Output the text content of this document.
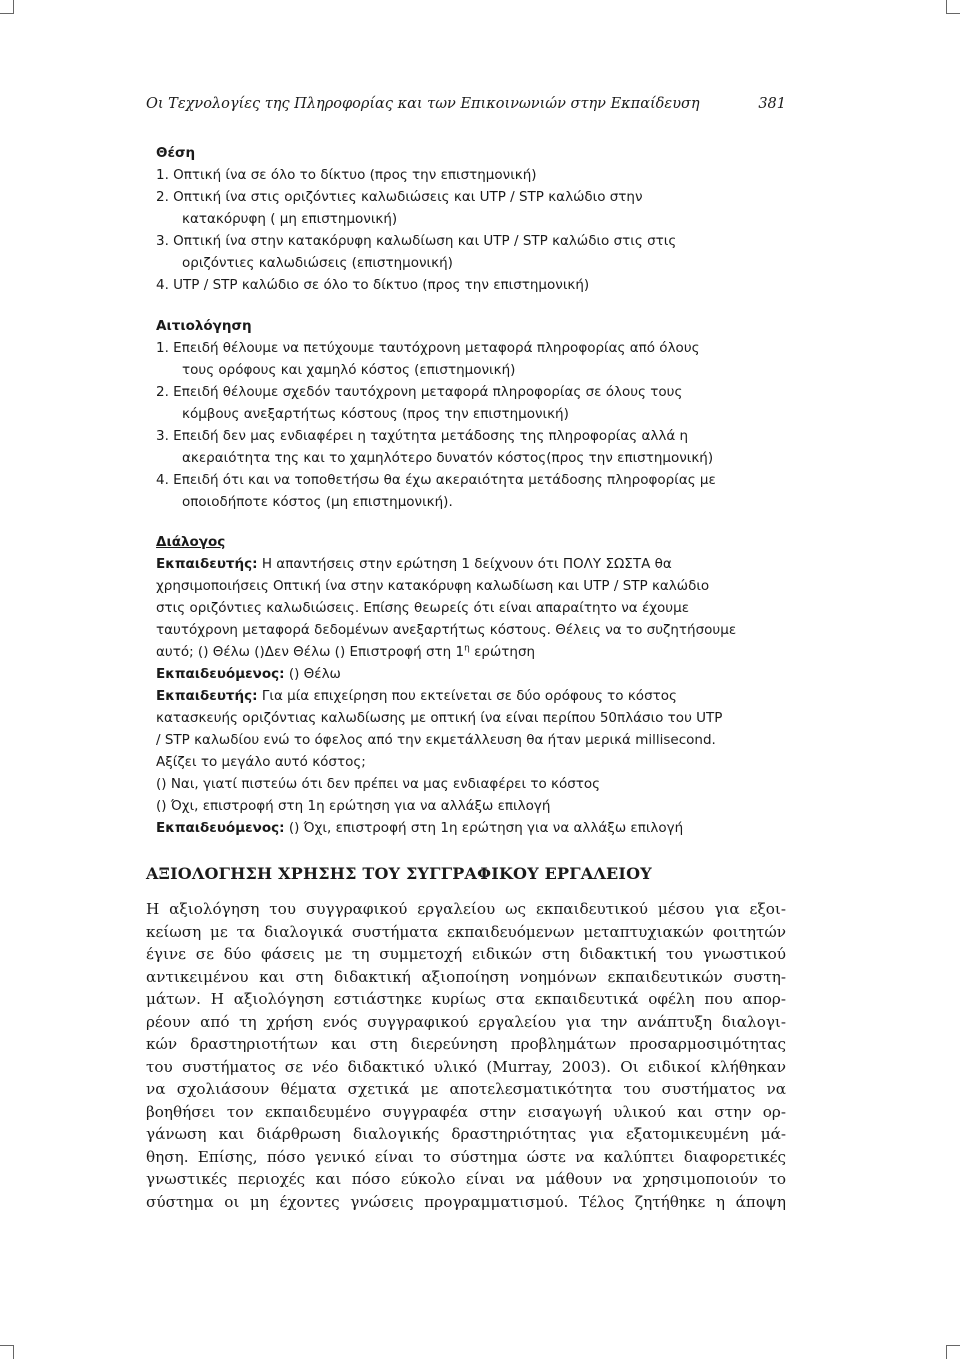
Οι Τεχνολογίες της Πληροφορίας και των Επικοινωνιών στην Εκπαίδευση	381
Θέση
1. Οπτική ίνα σε όλο το δίκτυο (προς την επιστημονική)
2. Οπτική ίνα στις οριζόντιες καλωδιώσεις και UTP / STP καλώδιο στην
κατακόρυφη ( μη επιστημονική)
3. Οπτική ίνα στην κατακόρυφη καλωδίωση και UTP / STP καλώδιο στις στις
οριζόντιες καλωδιώσεις (επιστημονική)
4. UTP / STP καλώδιο σε όλο το δίκτυο (προς την επιστημονική)
Αιτιολόγηση
1. Επειδή θέλουμε να πετύχουμε ταυτόχρονη μεταφορά πληροφορίας από όλους
τους ορόφους και χαμηλό κόστος (επιστημονική)
2. Επειδή θέλουμε σχεδόν ταυτόχρονη μεταφορά πληροφορίας σε όλους τους
κόμβους ανεξαρτήτως κόστους (προς την επιστημονική)
3. Επειδή δεν μας ενδιαφέρει η ταχύτητα μετάδοσης της πληροφορίας αλλά η
ακεραιότητα της και το χαμηλότερο δυνατόν κόστος(προς την επιστημονική)
4. Επειδή ότι και να τοποθετήσω θα έχω ακεραιότητα μετάδοσης πληροφορίας με
οποιοδήποτε κόστος (μη επιστημονική).
Διάλογος
Εκπαιδευτής: Η απαντήσεις στην ερώτηση 1 δείχνουν ότι ΠΟΛΥ ΣΩΣΤΑ θα
χρησιμοποιήσεις Οπτική ίνα στην κατακόρυφη καλωδίωση και UTP / STP καλώδιο
στις οριζόντιες καλωδιώσεις. Επίσης θεωρείς ότι είναι απαραίτητο να έχουμε
ταυτόχρονη μεταφορά δεδομένων ανεξαρτήτως κόστους. Θέλεις να το συζητήσουμε
αυτό; () Θέλω ()Δεν Θέλω () Επιστροφή στη $1^\eta$ ερώτηση
Εκπαιδευόμενος: () Θέλω
Εκπαιδευτής: Για μία επιχείρηση που εκτείνεται σε δύο ορόφους το κόστος
κατασκευής οριζόντιας καλωδίωσης με οπτική ίνα είναι περίπου 50πλάσιο του UTP
/ STP καλωδίου ενώ το όφελος από την εκμετάλλευση θα ήταν μερικά millisecond.
Αξίζει το μεγάλο αυτό κόστος;
() Ναι, γιατί πιστεύω ότι δεν πρέπει να μας ενδιαφέρει το κόστος
() Όχι, επιστροφή στη 1η ερώτηση για να αλλάξω επιλογή
Εκπαιδευόμενος: () Όχι, επιστροφή στη 1η ερώτηση για να αλλάξω επιλογή
ΑΞΙΟΛΟΓΗΣΗ ΧΡΗΣΗΣ ΤΟΥ ΣΥΓΓΡΑΦΙΚΟΥ ΕΡΓΑΛΕΙΟΥ
Η αξιολόγηση του συγγραφικού εργαλείου ως εκπαιδευτικού μέσου για εξοι-
κείωση με τα διαλογικά συστήματα εκπαιδευόμενων μεταπτυχιακών φοιτητών
έγινε σε δύο φάσεις με τη συμμετοχή ειδικών στη διδακτική του γνωστικού
αντικειμένου και στη διδακτική αξιοποίηση νοημόνων εκπαιδευτικών συστη-
μάτων. Η αξιολόγηση εστιάστηκε κυρίως στα εκπαιδευτικά οφέλη που απορ-
ρέουν από τη χρήση ενός συγγραφικού εργαλείου για την ανάπτυξη διαλογι-
κών δραστηριοτήτων και στη διερεύνηση προβλημάτων προσαρμοσιμότητας
του συστήματος σε νέο διδακτικό υλικό (Murray, 2003). Οι ειδικοί κλήθηκαν
να σχολιάσουν θέματα σχετικά με αποτελεσματικότητα του συστήματος να
βοηθήσει τον εκπαιδευμένο συγγραφέα στην εισαγωγή υλικού και στην ορ-
γάνωση και διάρθρωση διαλογικής δραστηριότητας για εξατομικευμένη μά-
θηση. Επίσης, πόσο γενικό είναι το σύστημα ώστε να καλύπτει διαφορετικές
γνωστικές περιοχές και πόσο εύκολο είναι να μάθουν να χρησιμοποιούν το
σύστημα οι μη έχοντες γνώσεις προγραμματισμού. Τέλος ζητήθηκε η άποψη
